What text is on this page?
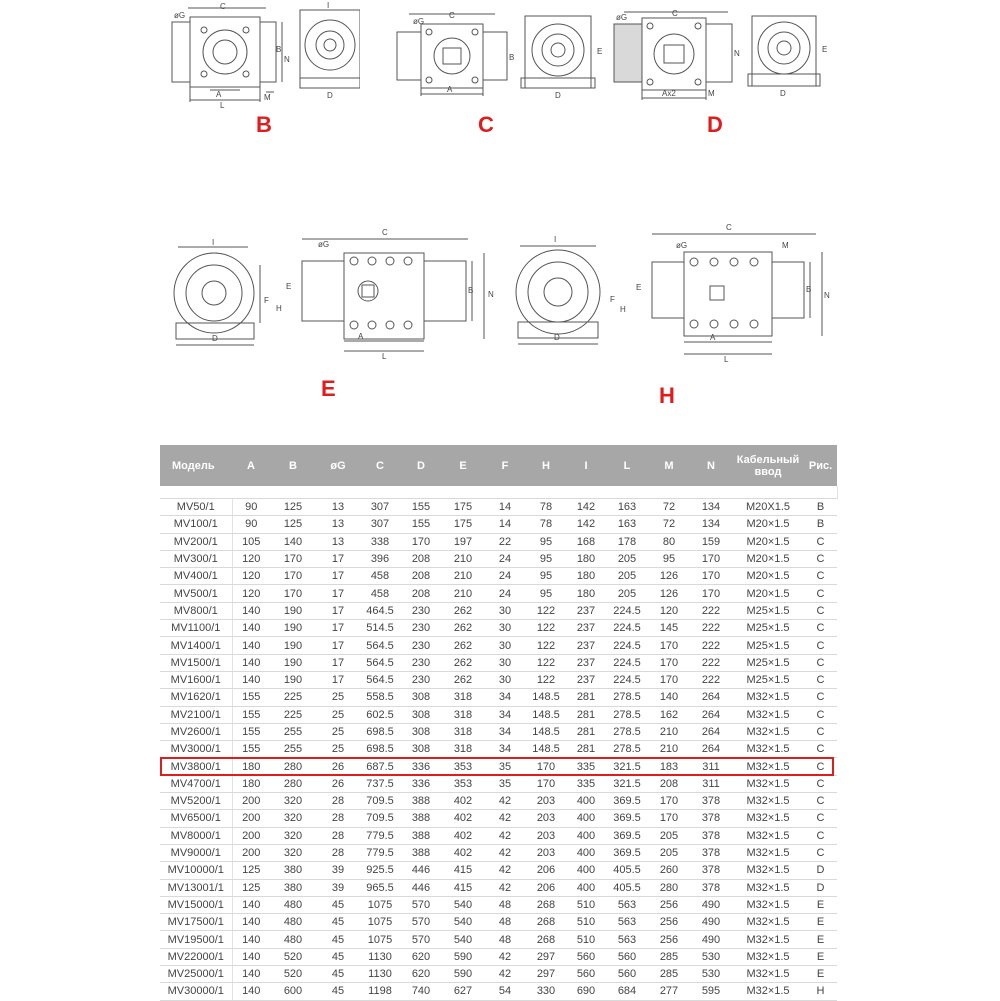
C
øG
A
L
M
B
N
I
D
B
C
øG
A
B
D
E
C
C
øG
Ax2	M
N
D
E
D
I
D
E
F
H
øG
C
A
L
B N
E
I
D
E
F
H
øG
C
M
A
L
B
N
H
Модель	A	B	øG	C	D	E	F	H	I	L	M	N	Кабельный ввод	Рис.

MV50/1	90	125	13	307	155	175	14	78	142	163	72	134	M20X1.5	B
MV100/1	90	125	13	307	155	175	14	78	142	163	72	134	M20×1.5	B
MV200/1	105	140	13	338	170	197	22	95	168	178	80	159	M20×1.5	C
MV300/1	120	170	17	396	208	210	24	95	180	205	95	170	M20×1.5	C
MV400/1	120	170	17	458	208	210	24	95	180	205	126	170	M20×1.5	C
MV500/1	120	170	17	458	208	210	24	95	180	205	126	170	M20×1.5	C
MV800/1	140	190	17	464.5	230	262	30	122	237	224.5	120	222	M25×1.5	C
MV1100/1	140	190	17	514.5	230	262	30	122	237	224.5	145	222	M25×1.5	C
MV1400/1	140	190	17	564.5	230	262	30	122	237	224.5	170	222	M25×1.5	C
MV1500/1	140	190	17	564.5	230	262	30	122	237	224.5	170	222	M25×1.5	C
MV1600/1	140	190	17	564.5	230	262	30	122	237	224.5	170	222	M25×1.5	C
MV1620/1	155	225	25	558.5	308	318	34	148.5	281	278.5	140	264	M32×1.5	C
MV2100/1	155	225	25	602.5	308	318	34	148.5	281	278.5	162	264	M32×1.5	C
MV2600/1	155	255	25	698.5	308	318	34	148.5	281	278.5	210	264	M32×1.5	C
MV3000/1	155	255	25	698.5	308	318	34	148.5	281	278.5	210	264	M32×1.5	C
MV3800/1	180	280	26	687.5	336	353	35	170	335	321.5	183	311	M32×1.5	C
MV4700/1	180	280	26	737.5	336	353	35	170	335	321.5	208	311	M32×1.5	C
MV5200/1	200	320	28	709.5	388	402	42	203	400	369.5	170	378	M32×1.5	C
MV6500/1	200	320	28	709.5	388	402	42	203	400	369.5	170	378	M32×1.5	C
MV8000/1	200	320	28	779.5	388	402	42	203	400	369.5	205	378	M32×1.5	C
MV9000/1	200	320	28	779.5	388	402	42	203	400	369.5	205	378	M32×1.5	C
MV10000/1	125	380	39	925.5	446	415	42	206	400	405.5	260	378	M32×1.5	D
MV13001/1	125	380	39	965.5	446	415	42	206	400	405.5	280	378	M32×1.5	D
MV15000/1	140	480	45	1075	570	540	48	268	510	563	256	490	M32×1.5	E
MV17500/1	140	480	45	1075	570	540	48	268	510	563	256	490	M32×1.5	E
MV19500/1	140	480	45	1075	570	540	48	268	510	563	256	490	M32×1.5	E
MV22000/1	140	520	45	1130	620	590	42	297	560	560	285	530	M32×1.5	E
MV25000/1	140	520	45	1130	620	590	42	297	560	560	285	530	M32×1.5	E
MV30000/1	140	600	45	1198	740	627	54	330	690	684	277	595	M32×1.5	H
